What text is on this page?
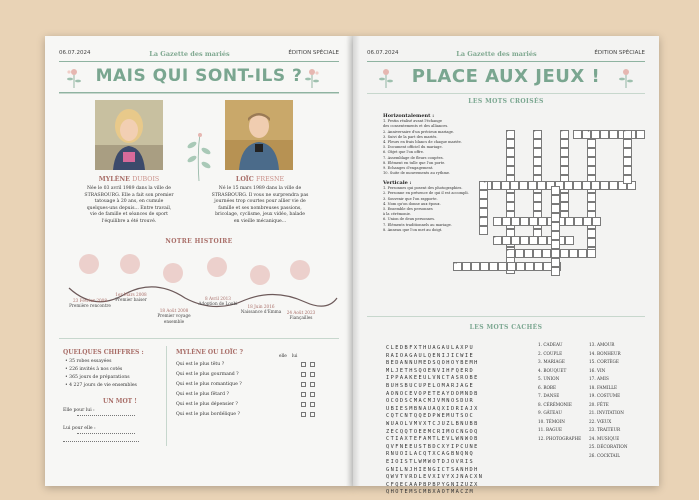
06.07.2024	La Gazette des mariés	ÉDITION SPÉCIALE
MAIS QUI SONT-ILS ?
MYLÈNE DUBOIS	LOÏC FRESNE
Née le 03 avril 1989 dans la ville de
STRASBOURG. Elle a fait son premier
tatouage à 20 ans, en cumule
quelques-uns depuis... Entre travail,
vie de famille et séances de sport
l'équilibre a été trouvé.
Né le 15 mars 1989 dans la ville de
STRASBOURG. Il vous ne surprendra pas
journées trop courtes pour allier vie de
famille et ses nombreuses passions,
bricolage, cyclisme, jeux vidéo, balade
en vieille mécanique...
NOTRE HISTOIRE
23 Février 2008
Première rencontre
1er Mars 2008
Premier baiser
18 Août 2008
Premier voyage ensemble
8 Avril 2013
Adoption de Loubi
18 Juin 2016
Naissance d'Emma	24 Août 2023
Fiançailles
QUELQUES CHIFFRES :
• 35 robes essayées
• 226 invités à nos cotés
• 365 jours de préparations
• 4 227 jours de vie ensembles
UN MOT !
Elle pour lui :
Lui pour elle :
MYLÈNE OU LOÏC ?
elle lui
Qui est le plus têtu ?
Qui est le plus gourmand ?
Qui est le plus romantique ?
Qui est le plus fêtard ?
Qui est le plus dépensier ?
Qui est le plus bordélique ?
06.07.2024	La Gazette des mariés	ÉDITION SPÉCIALE
PLACE AUX JEUX !
LES MOTS CROISÉS
Horizontalement :
1. Festin réalisé avant l'échange
des consentements et des alliances.
2. Anniversaire d'un précieux mariage.
3. Suivi de la part des mariés.
4. Fleurs en frais blancs de chaque mariée.
5. Document officiel du mariage.
6. Objet que l'on offre.
7. Assemblage de fleurs coupées.
8. Elément en tulle que l'on porte.
9. Echanges d'engagement.
10. Suite de mouvements au rythme.
Verticale :
1. Personnes qui posent des photographies.
2. Personne en présence de qui il est accompli.
3. Souvenir que l'on rapporte.
4. Nom qu'on donne aux époux.
5. Ensemble des personnes
à la cérémonie.
6. Union de deux personnes.
7. Eléments traditionnels au mariage.
8. Anneau que l'on met au doigt.
1	2	3	4	5
6
7
8
9
10
LES MOTS CACHÉS
CLEDBFXTHUAGAULAXPU
RAIOAGAULQENIJICWIE
BEDANNUMEDSQOHOYBEMH
MLJETHSQOENVIHFQERD
IPPAAKEEULVNCTASROBE
BUHSBUCUPELOMARJAGE
AONOCEVOPETEAYDOMNDB
OCODSCMACMJVMNOSDUR
UBIESMBNAUAQXIDRIAJX
CQTCNTQQEDPWEMUTSOC
WUAOLVMVXTCJUZLBNUBB
ZECQQTOEEMCRIMOCNGOQ
CTIAXTEFAMTLEVLWNWOB
QVFNEEUSTBDCXYIPCUNE
RNUOILACQTXCAGBNQNQ
EIOISTLWMWOTDJOVRIS
GNILNJHIENGICTSANHDH
QWVTVRDLEVXIVYXJNACXN
CFQECAAPBPBPYGNIZUZX
QHOTEMSCMBXAOTMACZM
1. CADEAU
2. COUPLE
3. MARIAGE
4. BOUQUET
5. UNION
6. ROBE
7. DANSE
8. CÉRÉMONIE
9. GÂTEAU
10. TÉMOIN
11. BAGUE
12. PHOTOGRAPHE
13. AMOUR
14. BONHEUR
15. CORTÈGE
16. VIN
17. AMIS
18. FAMILLE
19. COSTUME
20. FÊTE
21. INVITATION
22. VŒUX
23. TRAITEUR
24. MUSIQUE
25. DÉCORATION
26. COCKTAIL
